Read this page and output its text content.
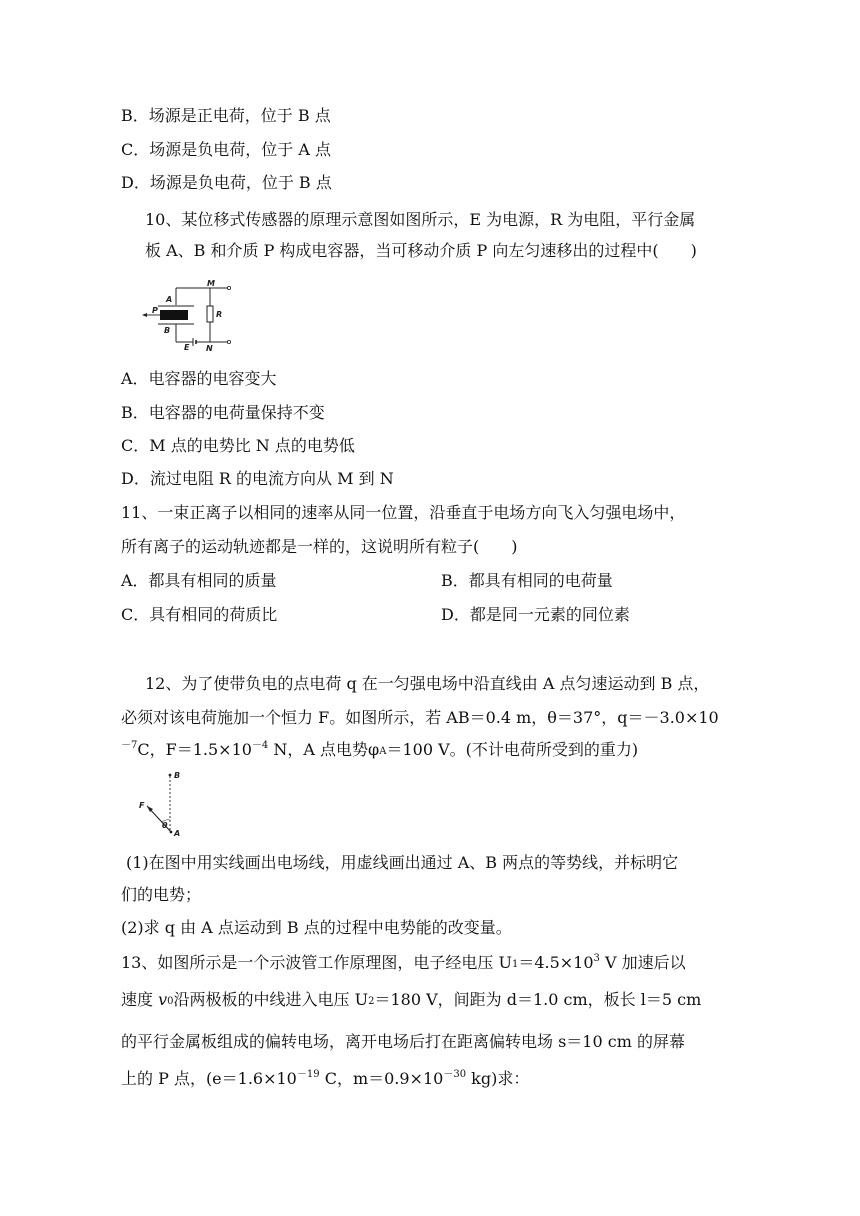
B．场源是正电荷，位于 B 点
C．场源是负电荷，位于 A 点
D．场源是负电荷，位于 B 点
10、某位移式传感器的原理示意图如图所示，E 为电源，R 为电阻，平行金属
板 A、B 和介质 P 构成电容器，当可移动介质 P 向左匀速移出的过程中(　　)
M
A
P
B
R
E N
A．电容器的电容变大
B．电容器的电荷量保持不变
C．M 点的电势比 N 点的电势低
D．流过电阻 R 的电流方向从 M 到 N
11、一束正离子以相同的速率从同一位置，沿垂直于电场方向飞入匀强电场中，
所有离子的运动轨迹都是一样的，这说明所有粒子(　　)
A．都具有相同的质量	B．都具有相同的电荷量
C．具有相同的荷质比	D．都是同一元素的同位素
12、为了使带负电的点电荷 q 在一匀强电场中沿直线由 A 点匀速运动到 B 点，
必须对该电荷施加一个恒力 F。如图所示，若 AB＝0.4 m，θ＝37°，q＝－3.0×10
$^{-7}$C，$F=1.5\times 10^{-4}$ N，A 点电势$\varphi_A=100$ V。(不计电荷所受到的重力)
B
A
F
θ
(1)在图中用实线画出电场线，用虚线画出通过 A、B 两点的等势线，并标明它
们的电势；
(2)求 q 由 A 点运动到 B 点的过程中电势能的改变量。
13、如图所示是一个示波管工作原理图，电子经电压 $U_1=4.5\times 10^3$ V 加速后以
速度 $v_0$沿两极板的中线进入电压 $U_2=180$ V，间距为 d＝1.0 cm，板长 l＝5 cm
的平行金属板组成的偏转电场，离开电场后打在距离偏转电场 s＝10 cm 的屏幕
上的 P 点，($e=1.6\times 10^{-19}$ C，$m=0.9\times 10^{-30}$ kg)求：
